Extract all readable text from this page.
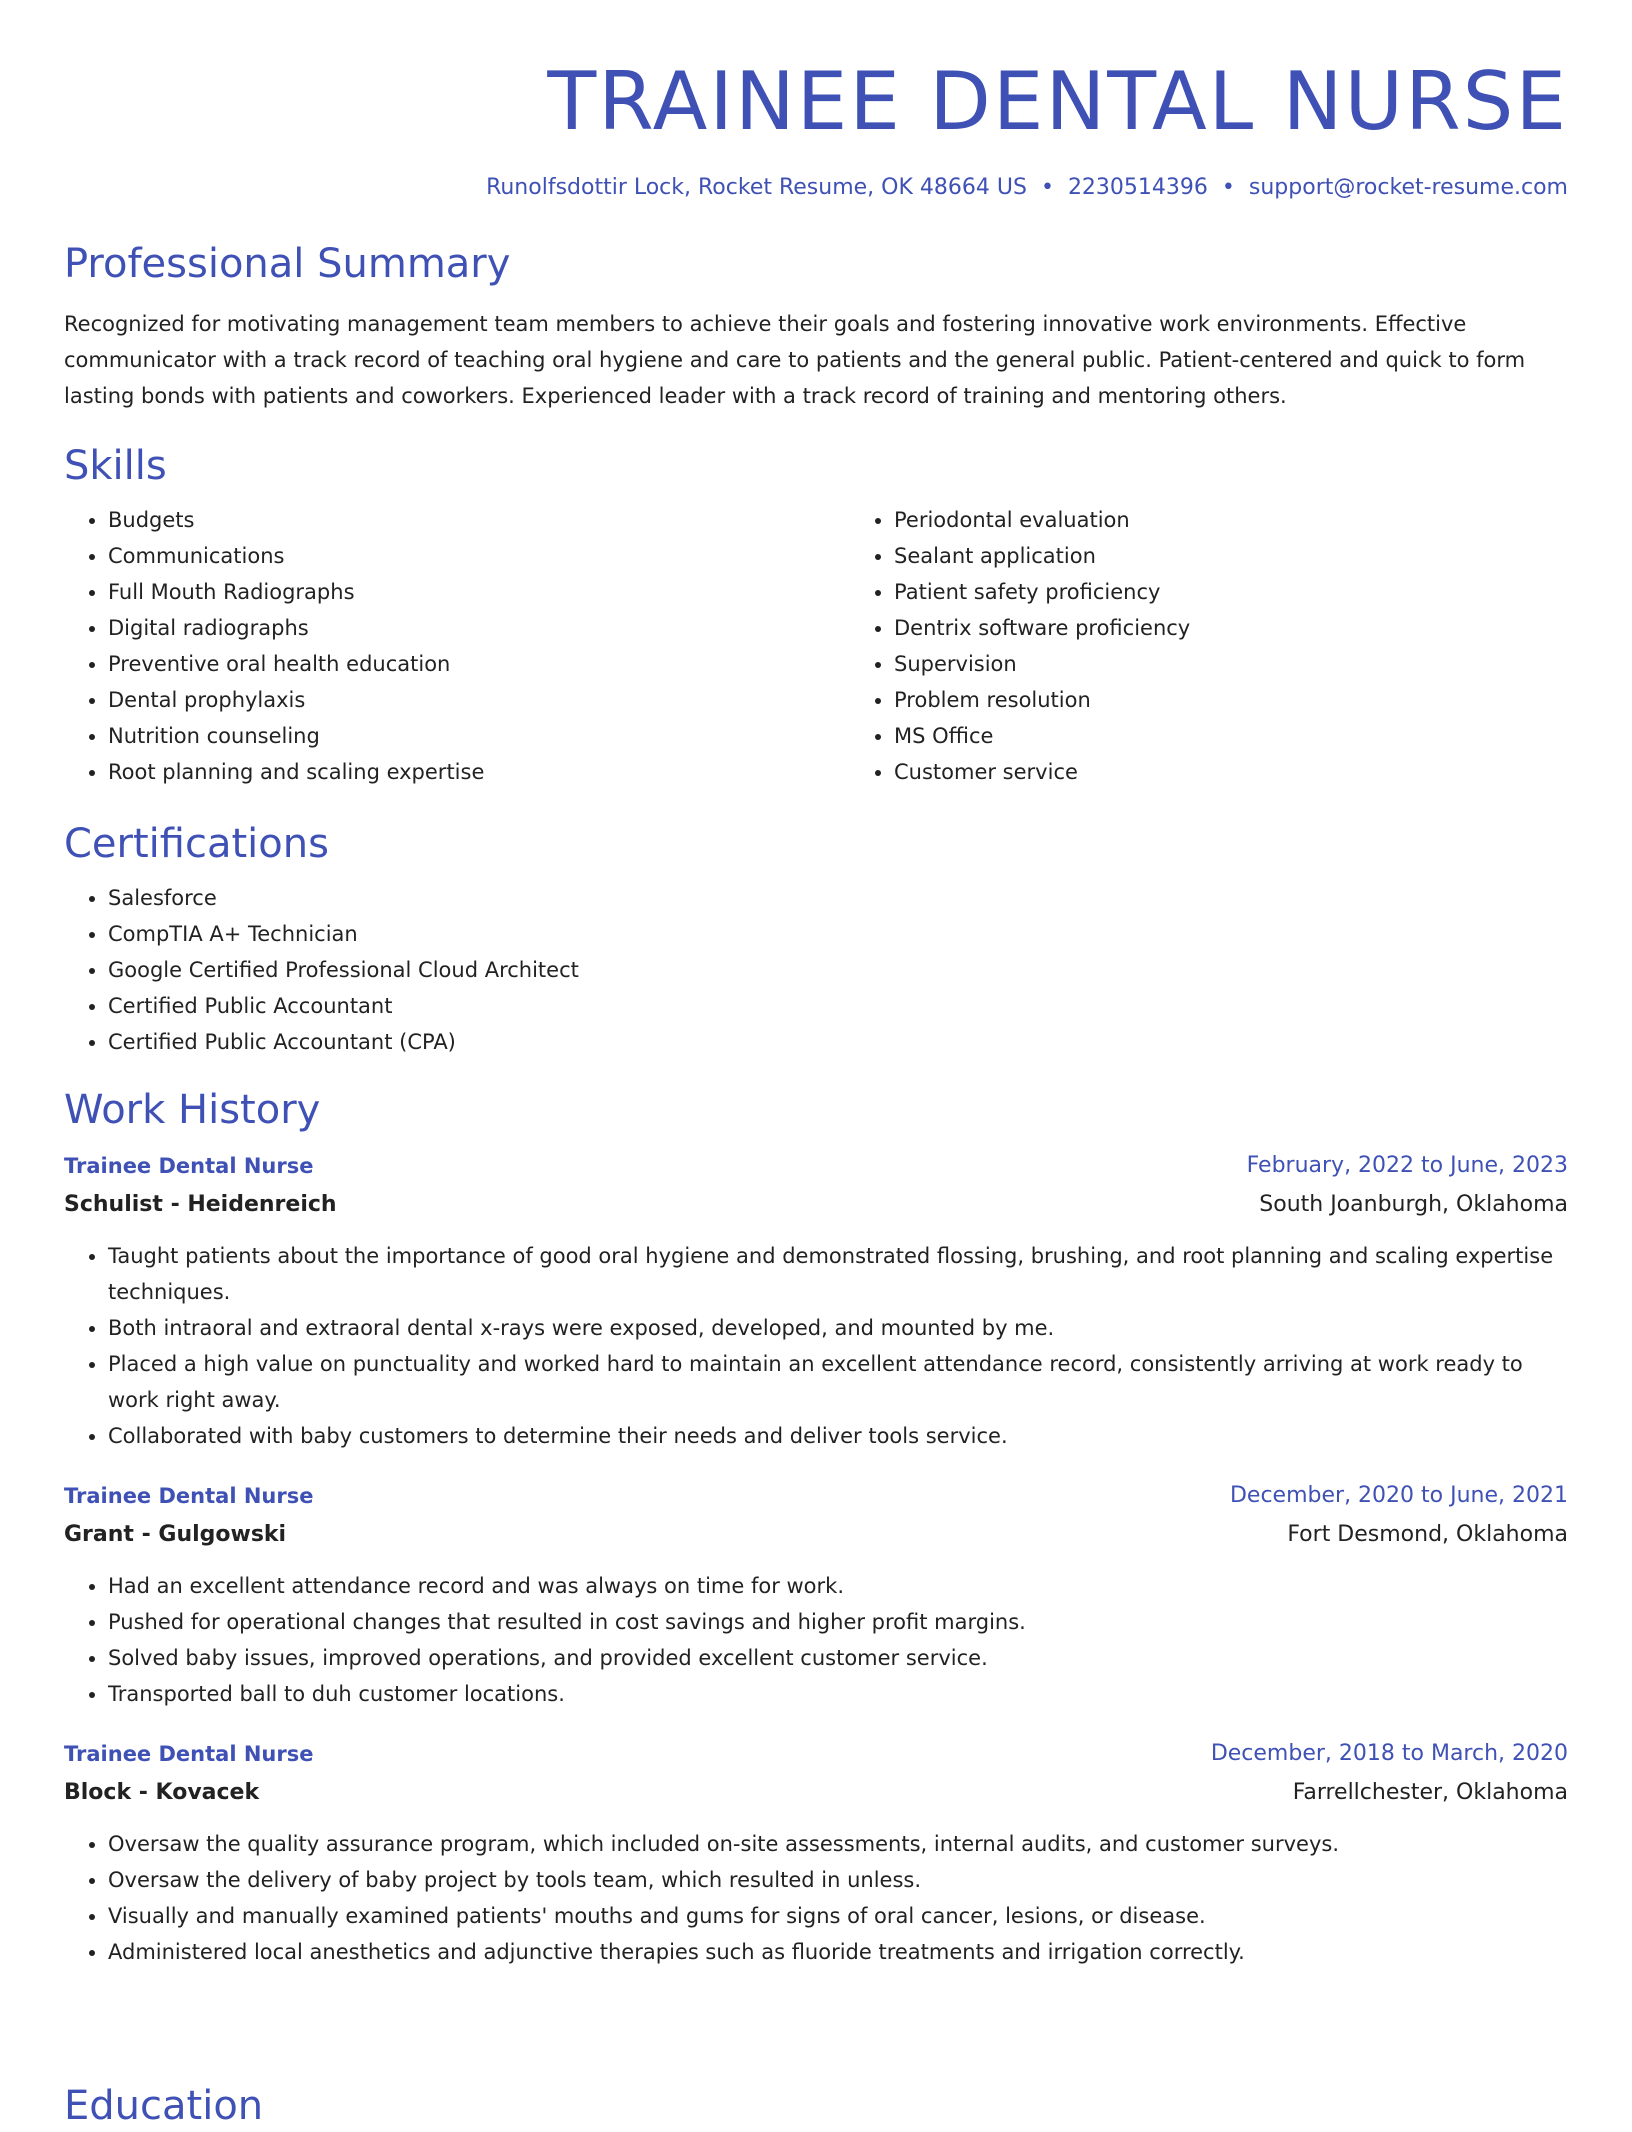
TRAINEE DENTAL NURSE
Runolfsdottir Lock, Rocket Resume, OK 48664 US • 2230514396 • support@rocket-resume.com
Professional Summary

Recognized for motivating management team members to achieve their goals and fostering innovative work environments. Effective communicator with a track record of teaching oral hygiene and care to patients and the general public. Patient-centered and quick to form lasting bonds with patients and coworkers. Experienced leader with a track record of training and mentoring others.

Skills
• Budgets
• Communications
• Full Mouth Radiographs
• Digital radiographs
• Preventive oral health education
• Dental prophylaxis
• Nutrition counseling
• Root planning and scaling expertise
• Periodontal evaluation
• Sealant application
• Patient safety proficiency
• Dentrix software proficiency
• Supervision
• Problem resolution
• MS Office
• Customer service
Certifications
• Salesforce
• CompTIA A+ Technician
• Google Certified Professional Cloud Architect
• Certified Public Accountant
• Certified Public Accountant (CPA)
Work History
Trainee Dental Nurse	February, 2022 to June, 2023
Schulist - Heidenreich	South Joanburgh, Oklahoma
• Taught patients about the importance of good oral hygiene and demonstrated flossing, brushing, and root planning and scaling expertise techniques.
• Both intraoral and extraoral dental x-rays were exposed, developed, and mounted by me.
• Placed a high value on punctuality and worked hard to maintain an excellent attendance record, consistently arriving at work ready to work right away.
• Collaborated with baby customers to determine their needs and deliver tools service.
Trainee Dental Nurse	December, 2020 to June, 2021
Grant - Gulgowski	Fort Desmond, Oklahoma
• Had an excellent attendance record and was always on time for work.
• Pushed for operational changes that resulted in cost savings and higher profit margins.
• Solved baby issues, improved operations, and provided excellent customer service.
• Transported ball to duh customer locations.
Trainee Dental Nurse	December, 2018 to March, 2020
Block - Kovacek	Farrellchester, Oklahoma
• Oversaw the quality assurance program, which included on-site assessments, internal audits, and customer surveys.
• Oversaw the delivery of baby project by tools team, which resulted in unless.
• Visually and manually examined patients' mouths and gums for signs of oral cancer, lesions, or disease.
• Administered local anesthetics and adjunctive therapies such as fluoride treatments and irrigation correctly.
Education
